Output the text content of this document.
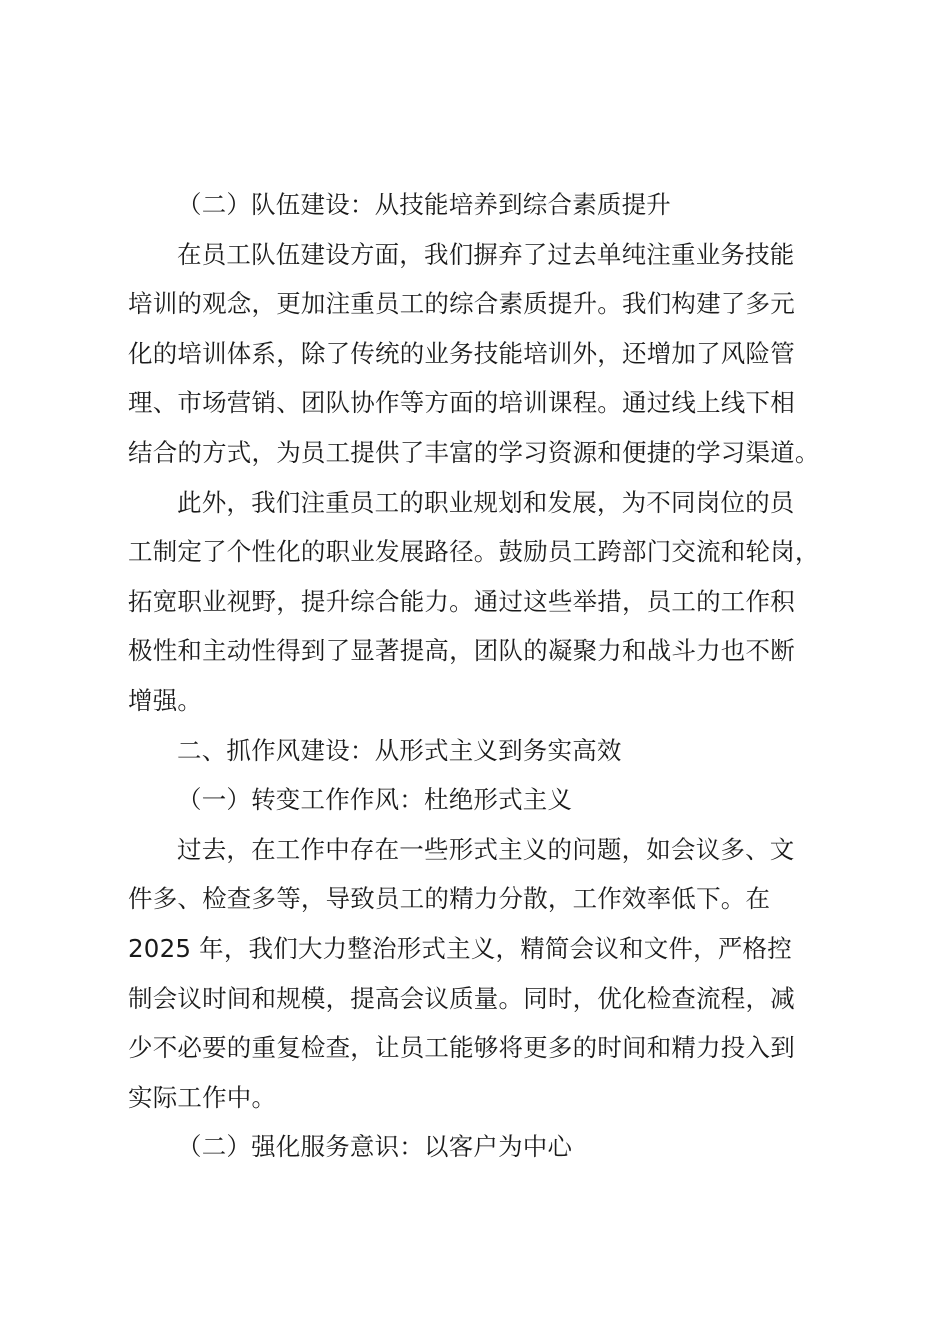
（二）队伍建设：从技能培养到综合素质提升
在员工队伍建设方面，我们摒弃了过去单纯注重业务技能
培训的观念，更加注重员工的综合素质提升。我们构建了多元
化的培训体系，除了传统的业务技能培训外，还增加了风险管
理、市场营销、团队协作等方面的培训课程。通过线上线下相
结合的方式，为员工提供了丰富的学习资源和便捷的学习渠道。
此外，我们注重员工的职业规划和发展，为不同岗位的员
工制定了个性化的职业发展路径。鼓励员工跨部门交流和轮岗，
拓宽职业视野，提升综合能力。通过这些举措，员工的工作积
极性和主动性得到了显著提高，团队的凝聚力和战斗力也不断
增强。
二、抓作风建设：从形式主义到务实高效
（一）转变工作作风：杜绝形式主义
过去，在工作中存在一些形式主义的问题，如会议多、文
件多、检查多等，导致员工的精力分散，工作效率低下。在
2025 年，我们大力整治形式主义，精简会议和文件，严格控
制会议时间和规模，提高会议质量。同时，优化检查流程，减
少不必要的重复检查，让员工能够将更多的时间和精力投入到
实际工作中。
（二）强化服务意识：以客户为中心
